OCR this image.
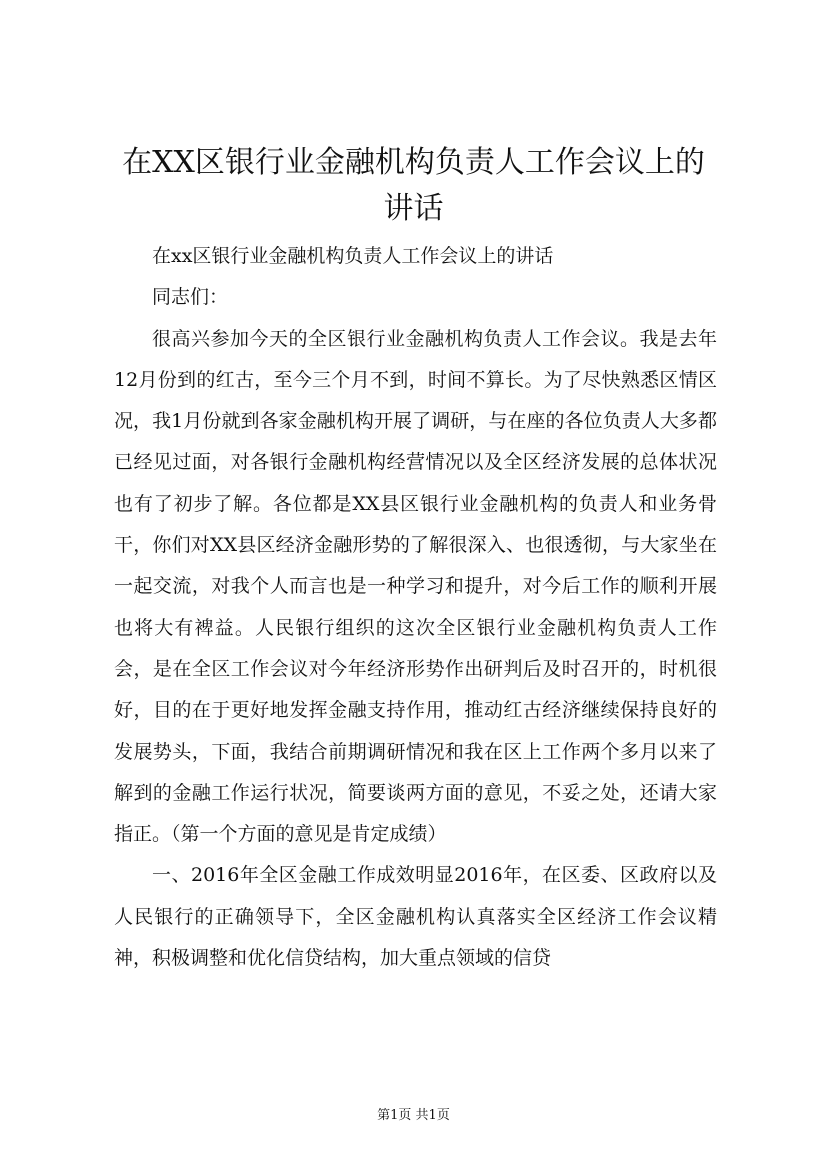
在XX区银行业金融机构负责人工作会议上的
讲话

在xx区银行业金融机构负责人工作会议上的讲话

同志们：

很高兴参加今天的全区银行业金融机构负责人工作会议。我是去年12月份到的红古，至今三个月不到，时间不算长。为了尽快熟悉区情区况，我1月份就到各家金融机构开展了调研，与在座的各位负责人大多都已经见过面，对各银行金融机构经营情况以及全区经济发展的总体状况也有了初步了解。各位都是XX县区银行业金融机构的负责人和业务骨干，你们对XX县区经济金融形势的了解很深入、也很透彻，与大家坐在一起交流，对我个人而言也是一种学习和提升，对今后工作的顺利开展也将大有裨益。人民银行组织的这次全区银行业金融机构负责人工作会，是在全区工作会议对今年经济形势作出研判后及时召开的，时机很好，目的在于更好地发挥金融支持作用，推动红古经济继续保持良好的发展势头，下面，我结合前期调研情况和我在区上工作两个多月以来了解到的金融工作运行状况，简要谈两方面的意见，不妥之处，还请大家指正。（第一个方面的意见是肯定成绩）

一、2016年全区金融工作成效明显2016年，在区委、区政府以及人民银行的正确领导下，全区金融机构认真落实全区经济工作会议精神，积极调整和优化信贷结构，加大重点领域的信贷

第1页 共1页
